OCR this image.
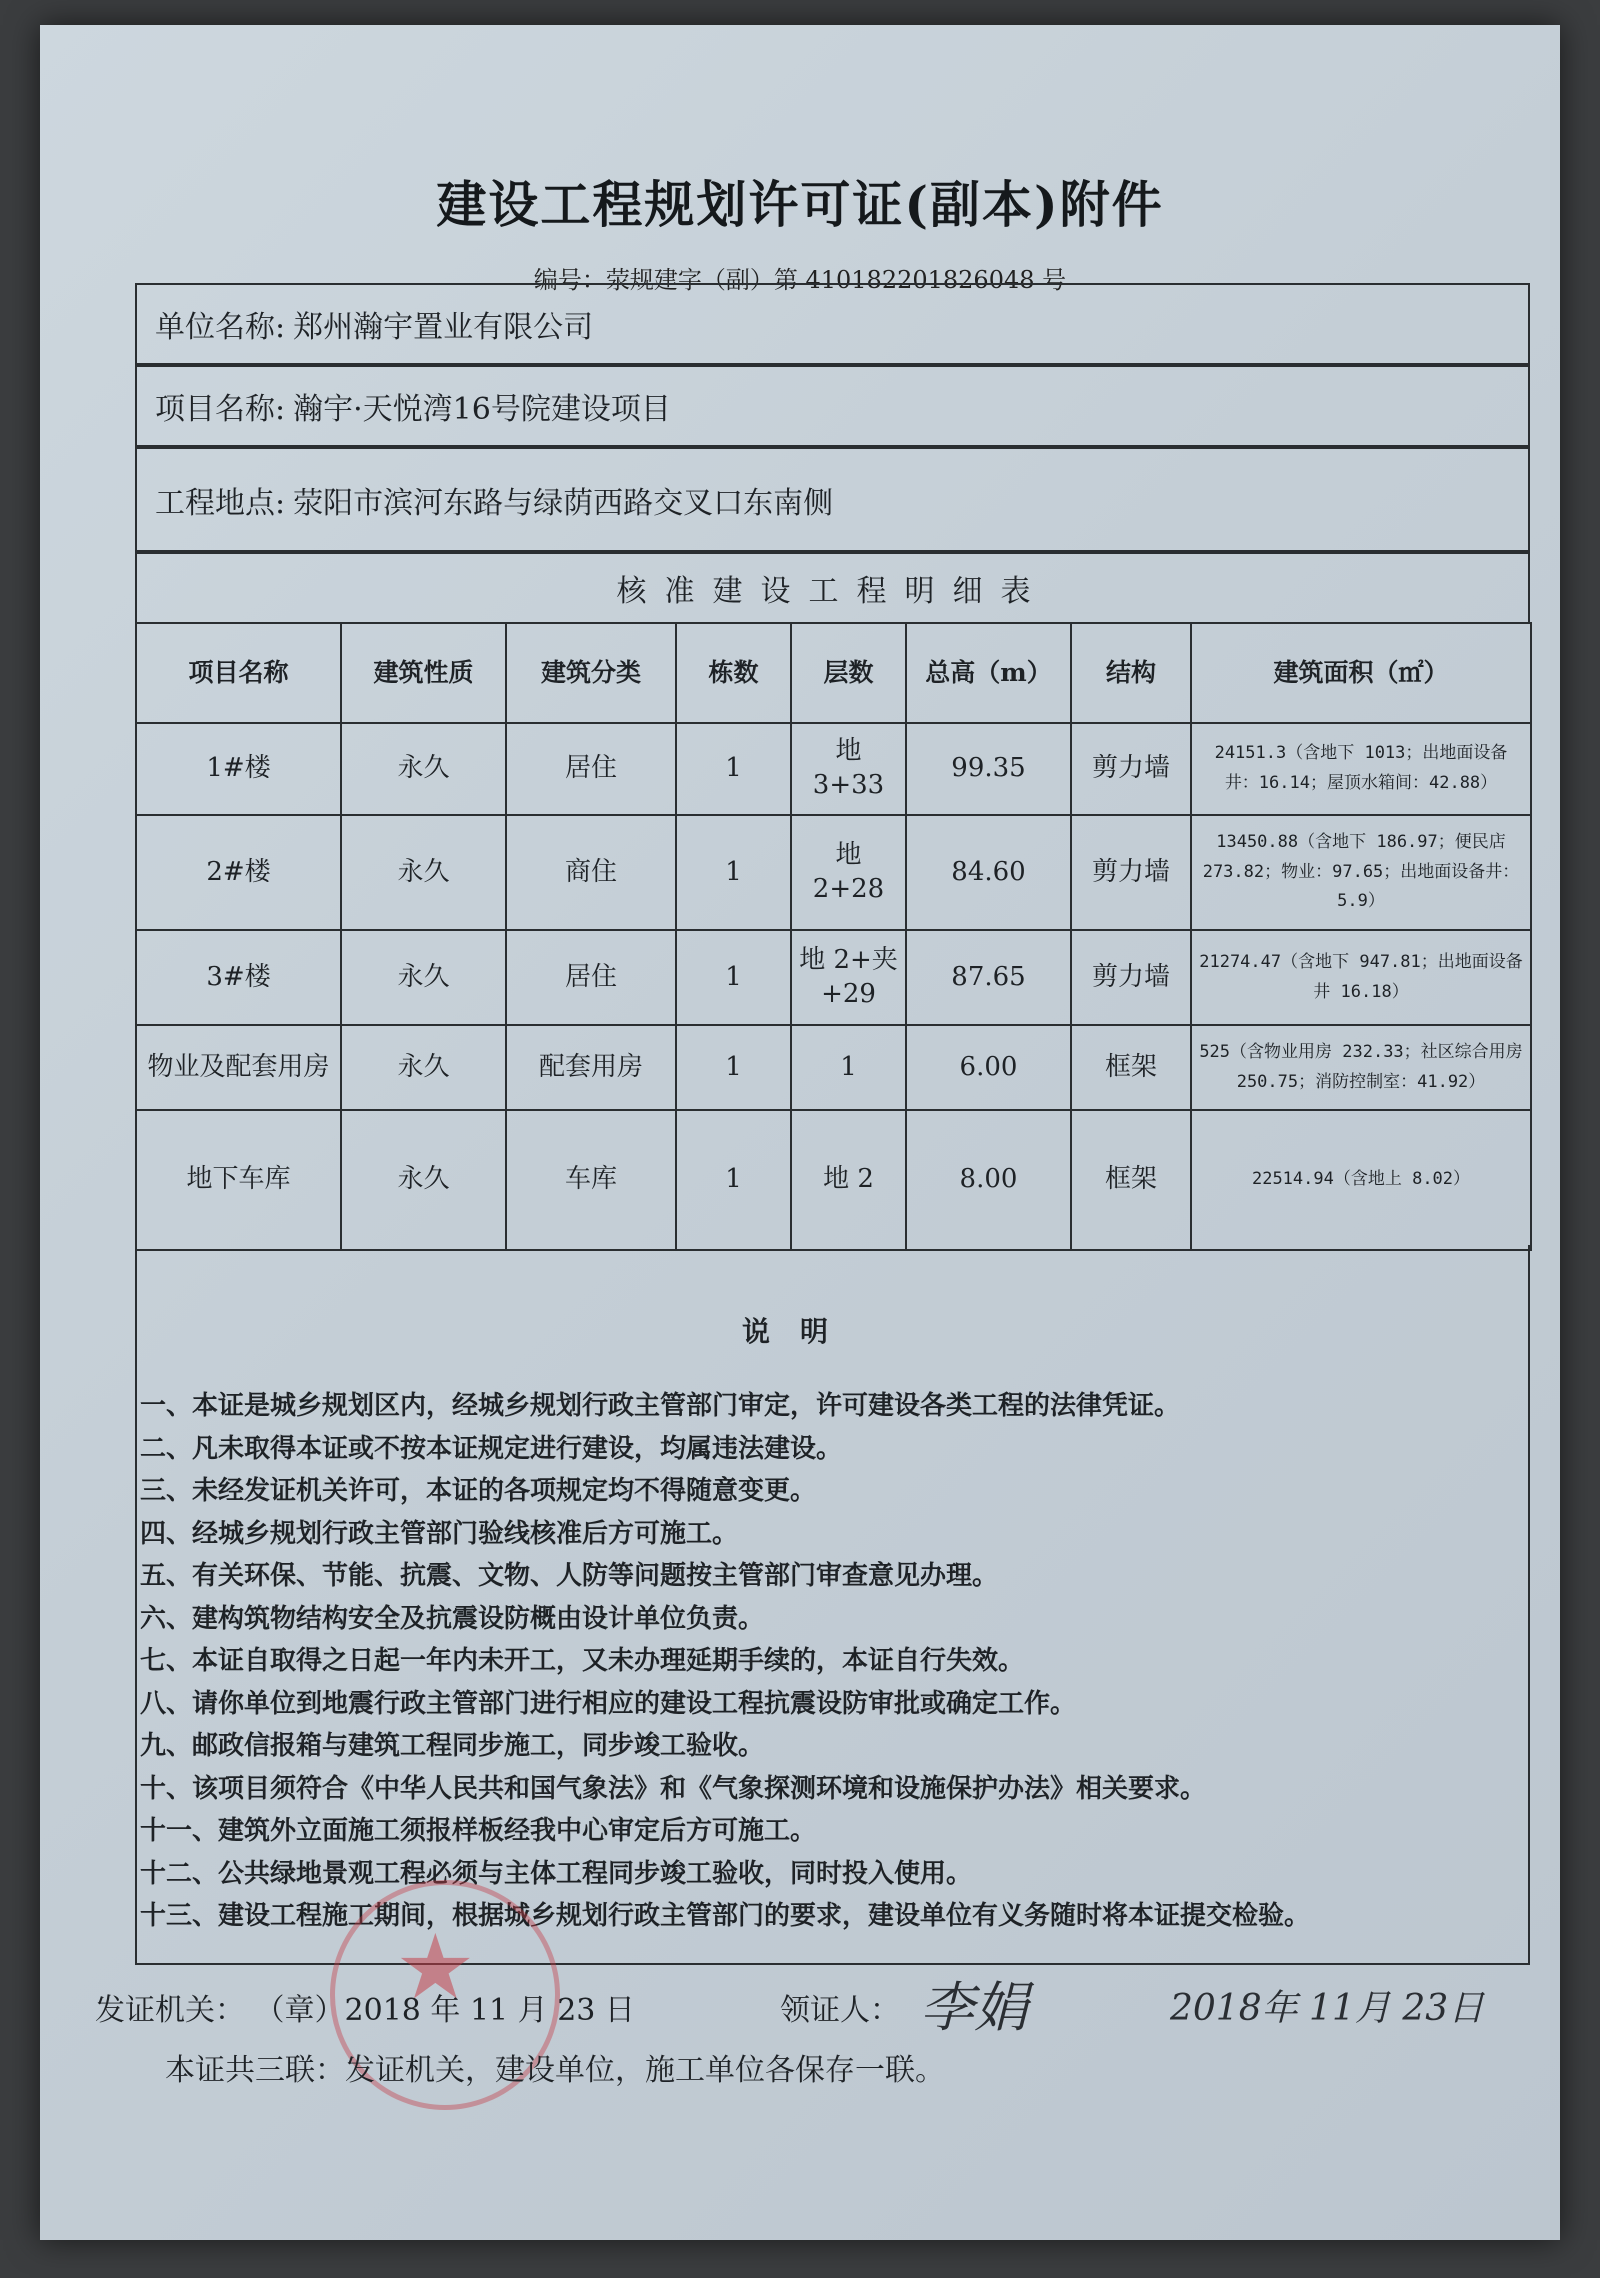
建设工程规划许可证(副本)附件
编号：荥规建字（副）第 410182201826048 号
单位名称: 郑州瀚宇置业有限公司
项目名称: 瀚宇·天悦湾16号院建设项目
工程地点: 荥阳市滨河东路与绿荫西路交叉口东南侧
核准建设工程明细表
项目名称	建筑性质	建筑分类	栋数	层数	总高（m）	结构	建筑面积（㎡）
1#楼	永久	居住	1	地 3+33	99.35	剪力墙	24151.3（含地下 1013；出地面设备井：16.14；屋顶水箱间：42.88）
2#楼	永久	商住	1	地 2+28	84.60	剪力墙	13450.88（含地下 186.97；便民店 273.82；物业：97.65；出地面设备井：5.9）
3#楼	永久	居住	1	地 2+夹+29	87.65	剪力墙	21274.47（含地下 947.81；出地面设备井 16.18）
物业及配套用房	永久	配套用房	1	1	6.00	框架	525（含物业用房 232.33；社区综合用房 250.75；消防控制室：41.92）
地下车库	永久	车库	1	地 2	8.00	框架	22514.94（含地上 8.02）
说明
一、本证是城乡规划区内，经城乡规划行政主管部门审定，许可建设各类工程的法律凭证。
二、凡未取得本证或不按本证规定进行建设，均属违法建设。
三、未经发证机关许可，本证的各项规定均不得随意变更。
四、经城乡规划行政主管部门验线核准后方可施工。
五、有关环保、节能、抗震、文物、人防等问题按主管部门审查意见办理。
六、建构筑物结构安全及抗震设防概由设计单位负责。
七、本证自取得之日起一年内未开工，又未办理延期手续的，本证自行失效。
八、请你单位到地震行政主管部门进行相应的建设工程抗震设防审批或确定工作。
九、邮政信报箱与建筑工程同步施工，同步竣工验收。
十、该项目须符合《中华人民共和国气象法》和《气象探测环境和设施保护办法》相关要求。
十一、建筑外立面施工须报样板经我中心审定后方可施工。
十二、公共绿地景观工程必须与主体工程同步竣工验收，同时投入使用。
十三、建设工程施工期间，根据城乡规划行政主管部门的要求，建设单位有义务随时将本证提交检验。
★
发证机关： （章）2018 年 11 月 23 日	领证人： 李娟	2018年 11月 23日
本证共三联：发证机关，建设单位，施工单位各保存一联。
